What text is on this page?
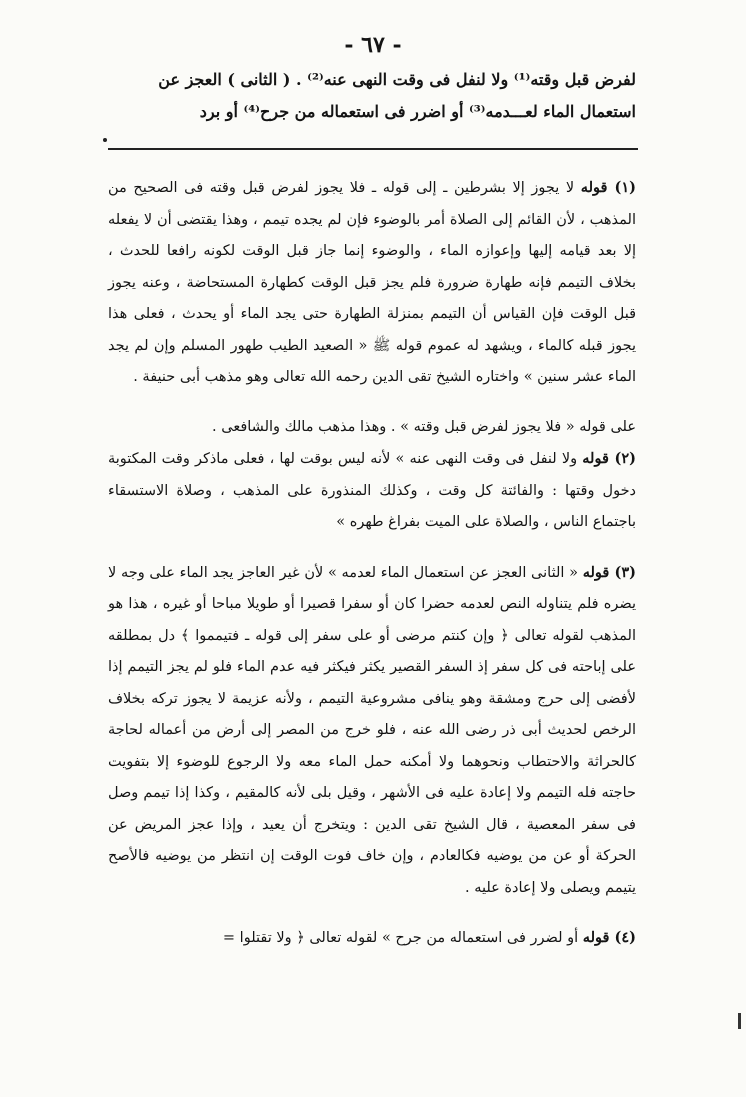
- ٦٧ -

لفرض قبل وقته⁽¹⁾ ولا لنفل فى وقت النهى عنه⁽²⁾ . ( الثانى ) العجز عن

استعمال الماء لعـــدمه⁽³⁾ أو اضرر فى استعماله من جرح⁽⁴⁾ أو برد

(١) قوله لا يجوز إلا بشرطين ـ إلى قوله ـ فلا يجوز لفرض قبل وقته فى الصحيح من المذهب ، لأن القائم إلى الصلاة أمر بالوضوء فإن لم يجده تيمم ، وهذا يقتضى أن لا يفعله إلا بعد قيامه إليها وإعوازه الماء ، والوضوء إنما جاز قبل الوقت لكونه رافعا للحدث ، بخلاف التيمم فإنه طهارة ضرورة فلم يجز قبل الوقت كطهارة المستحاضة ، وعنه يجوز قبل الوقت فإن القياس أن التيمم بمنزلة الطهارة حتى يجد الماء أو يحدث ، فعلى هذا يجوز قبله كالماء ، ويشهد له عموم قوله ﷺ « الصعيد الطيب طهور المسلم وإن لم يجد الماء عشر سنين » واختاره الشيخ تقى الدين رحمه الله تعالى وهو مذهب أبى حنيفة .

على قوله « فلا يجوز لفرض قبل وقته » . وهذا مذهب مالك والشافعى .

(٢) قوله ولا لنفل فى وقت النهى عنه » لأنه ليس بوقت لها ، فعلى ماذكر وقت المكتوبة دخول وقتها : والفائتة كل وقت ، وكذلك المنذورة على المذهب ، وصلاة الاستسقاء باجتماع الناس ، والصلاة على الميت بفراغ طهره »

(٣) قوله « الثانى العجز عن استعمال الماء لعدمه » لأن غير العاجز يجد الماء على وجه لا يضره فلم يتناوله النص لعدمه حضرا كان أو سفرا قصيرا أو طويلا مباحا أو غيره ، هذا هو المذهب لقوله تعالى ﴿ وإن كنتم مرضى أو على سفر إلى قوله ـ فتيمموا ﴾ دل بمطلقه على إباحته فى كل سفر إذ السفر القصير يكثر فيكثر فيه عدم الماء فلو لم يجز التيمم إذا لأفضى إلى حرج ومشقة وهو ينافى مشروعية التيمم ، ولأنه عزيمة لا يجوز تركه بخلاف الرخص لحديث أبى ذر رضى الله عنه ، فلو خرج من المصر إلى أرض من أعماله لحاجة كالحراثة والاحتطاب ونحوهما ولا أمكنه حمل الماء معه ولا الرجوع للوضوء إلا بتفويت حاجته فله التيمم ولا إعادة عليه فى الأشهر ، وقيل بلى لأنه كالمقيم ، وكذا إذا تيمم وصل فى سفر المعصية ، قال الشيخ تقى الدين : ويتخرج أن يعيد ، وإذا عجز المريض عن الحركة أو عن من يوضيه فكالعادم ، وإن خاف فوت الوقت إن انتظر من يوضيه فالأصح يتيمم ويصلى ولا إعادة عليه .

(٤) قوله أو لضرر فى استعماله من جرح » لقوله تعالى ﴿ ولا تقتلوا =
